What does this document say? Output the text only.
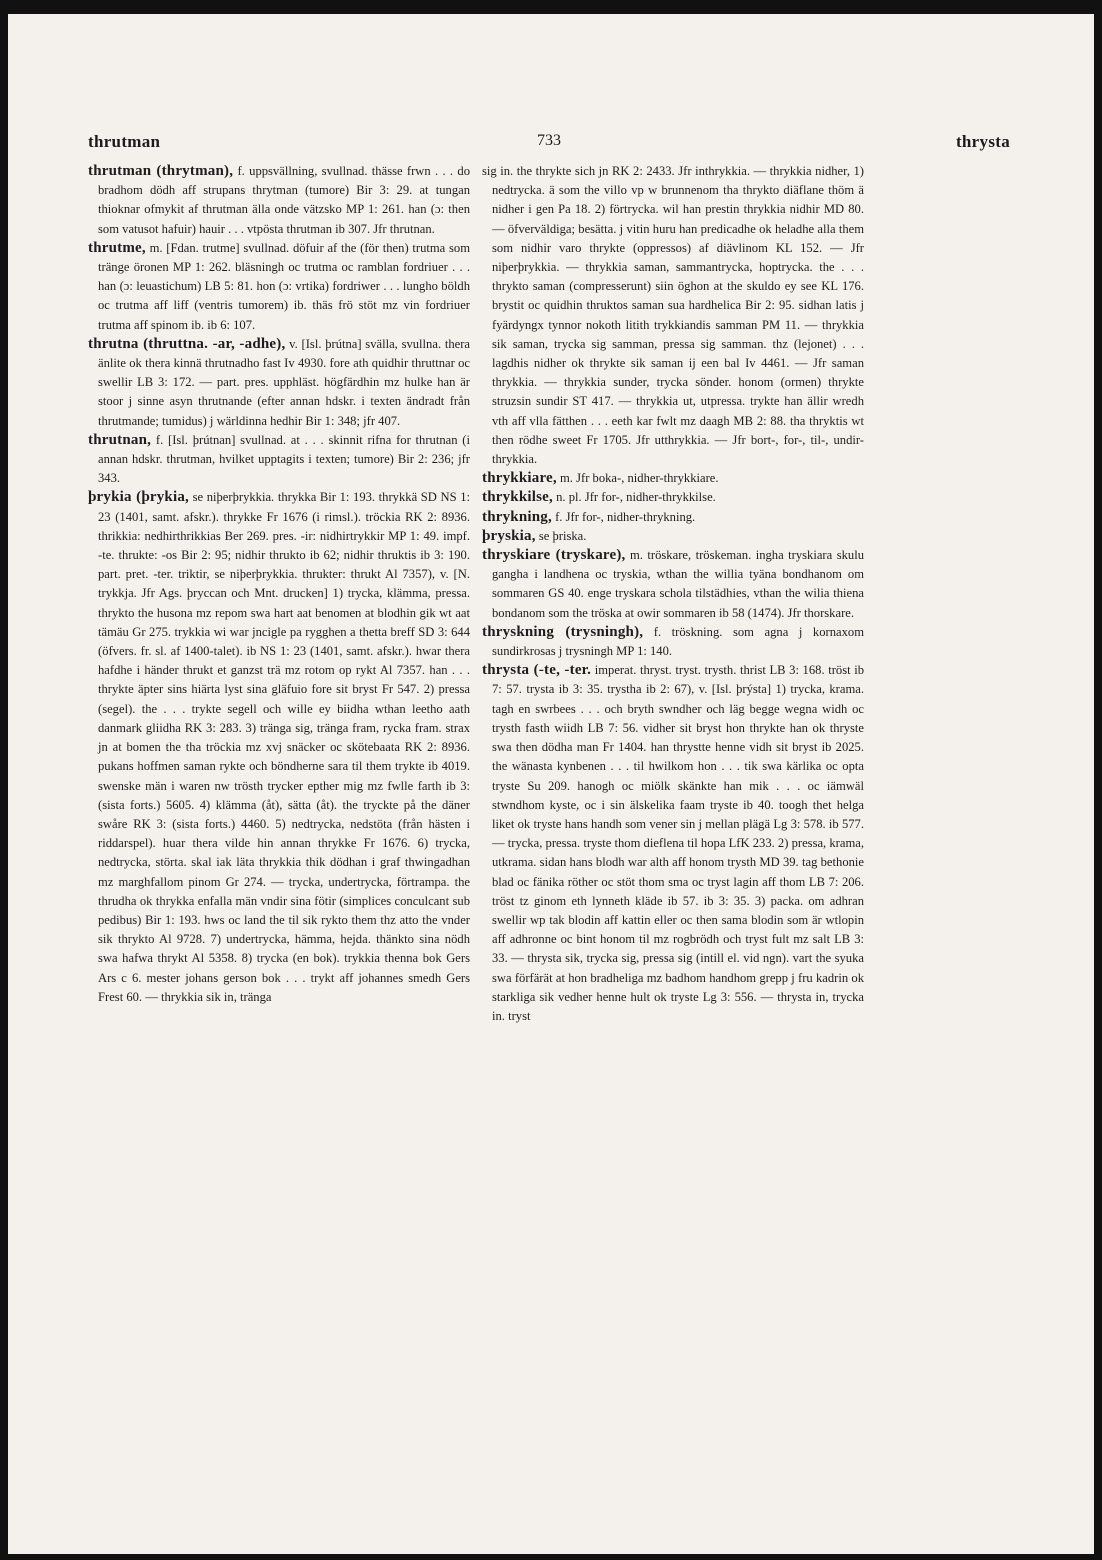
thrutman	733	thrysta

thrutman (thrytman), f. uppsvällning, svullnad. thässe frwn . . . do bradhom dödh aff strupans thrytman (tumore) Bir 3: 29. at tungan thioknar ofmykit af thrutman älla onde vätzsko MP 1: 261. han (ɔ: then som vatusot hafuir) hauir . . . vtpösta thrutman ib 307. Jfr thrutnan.

thrutme, m. [Fdan. trutme] svullnad. döfuir af the (för then) trutma som tränge öronen MP 1: 262. bläsningh oc trutma oc ramblan fordriuer . . . han (ɔ: leuastichum) LB 5: 81. hon (ɔ: vrtika) fordriwer . . . lungho böldh oc trutma aff liff (ventris tumorem) ib. thäs frö stöt mz vin fordriuer trutma aff spinom ib. ib 6: 107.

thrutna (thruttna. -ar, -adhe), v. [Isl. þrútna] svälla, svullna. thera änlite ok thera kinnä thrutnadho fast Iv 4930. fore ath quidhir thruttnar oc swellir LB 3: 172. — part. pres. upphläst. högfärdhin mz hulke han är stoor j sinne asyn thrutnande (efter annan hdskr. i texten ändradt från thrutmande; tumidus) j wärldinna hedhir Bir 1: 348; jfr 407.

thrutnan, f. [Isl. þrútnan] svullnad. at . . . skinnit rifna for thrutnan (i annan hdskr. thrutman, hvilket upptagits i texten; tumore) Bir 2: 236; jfr 343.

þrykia (þrykia, se niþerþrykkia. thrykka Bir 1: 193. thrykkä SD NS 1: 23 (1401, samt. afskr.). thrykke Fr 1676 (i rimsl.). tröckia RK 2: 8936. thrikkia: nedhirthrikkias Ber 269. pres. -ir: nidhirtrykkir MP 1: 49. impf. -te. thrukte: -os Bir 2: 95; nidhir thrukto ib 62; nidhir thruktis ib 3: 190. part. pret. -ter. triktir, se niþerþrykkia. thrukter: thrukt Al 7357), v. [N. trykkja. Jfr Ags. þryccan och Mnt. drucken] 1) trycka, klämma, pressa. thrykto the husona mz repom swa hart aat benomen at blodhin gik wt aat tämäu Gr 275. trykkia wi war jncigle pa rygghen a thetta breff SD 3: 644 (öfvers. fr. sl. af 1400-talet). ib NS 1: 23 (1401, samt. afskr.). hwar thera hafdhe i händer thrukt et ganzst trä mz rotom op rykt Al 7357. han . . . thrykte äpter sins hiärta lyst sina gläfuio fore sit bryst Fr 547. 2) pressa (segel). the . . . trykte segell och wille ey biidha wthan leetho aath danmark gliidha RK 3: 283. 3) tränga sig, tränga fram, rycka fram. strax jn at bomen the tha tröckia mz xvj snäcker oc skötebaata RK 2: 8936. pukans hoffmen saman rykte och böndherne sara til them trykte ib 4019. swenske män i waren nw trösth trycker epther mig mz fwlle farth ib 3: (sista forts.) 5605. 4) klämma (åt), sätta (åt). the tryckte på the däner swåre RK 3: (sista forts.) 4460. 5) nedtrycka, nedstöta (från hästen i riddarspel). huar thera vilde hin annan thrykke Fr 1676. 6) trycka, nedtrycka, störta. skal iak läta thrykkia thik dödhan i graf thwingadhan mz marghfallom pinom Gr 274. — trycka, undertrycka, förtrampa. the thrudha ok thrykka enfalla män vndir sina fötir (simplices conculcant sub pedibus) Bir 1: 193. hws oc land the til sik rykto them thz atto the vnder sik thrykto Al 9728. 7) undertrycka, hämma, hejda. thänkto sina nödh swa hafwa thrykt Al 5358. 8) trycka (en bok). trykkia thenna bok Gers Ars c 6. mester johans gerson bok . . . trykt aff johannes smedh Gers Frest 60. — thrykkia sik in, tränga

sig in. the thrykte sich jn RK 2: 2433. Jfr inthrykkia. — thrykkia nidher, 1) nedtrycka. ä som the villo vp w brunnenom tha thrykto diäflane thöm ä nidher i gen Pa 18. 2) förtrycka. wil han prestin thrykkia nidhir MD 80. — öfverväldiga; besätta. j vitin huru han predicadhe ok heladhe alla them som nidhir varo thrykte (oppressos) af diävlinom KL 152. — Jfr niþerþrykkia. — thrykkia saman, sammantrycka, hoptrycka. the . . . thrykto saman (compresserunt) siin öghon at the skuldo ey see KL 176. brystit oc quidhin thruktos saman sua hardhelica Bir 2: 95. sidhan latis j fyärdyngx tynnor nokoth litith trykkiandis samman PM 11. — thrykkia sik saman, trycka sig samman, pressa sig samman. thz (lejonet) . . . lagdhis nidher ok thrykte sik saman ij een bal Iv 4461. — Jfr saman thrykkia. — thrykkia sunder, trycka sönder. honom (ormen) thrykte struzsin sundir ST 417. — thrykkia ut, utpressa. trykte han ällir wredh vth aff vlla fätthen . . . eeth kar fwlt mz daagh MB 2: 88. tha thryktis wt then rödhe sweet Fr 1705. Jfr utthrykkia. — Jfr bort-, for-, til-, undir-thrykkia.

thrykkiare, m. Jfr boka-, nidher-thrykkiare.

thrykkilse, n. pl. Jfr for-, nidher-thrykkilse.

thrykning, f. Jfr for-, nidher-thrykning.

þryskia, se þriska.

thryskiare (tryskare), m. tröskare, tröskeman. ingha tryskiara skulu gangha i landhena oc tryskia, wthan the willia tyäna bondhanom om sommaren GS 40. enge tryskara schola tilstädhies, vthan the wilia thiena bondanom som the tröska at owir sommaren ib 58 (1474). Jfr thorskare.

thryskning (trysningh), f. tröskning. som agna j kornaxom sundirkrosas j trysningh MP 1: 140.

thrysta (-te, -ter. imperat. thryst. tryst. trysth. thrist LB 3: 168. tröst ib 7: 57. trysta ib 3: 35. trystha ib 2: 67), v. [Isl. þrýsta] 1) trycka, krama. tagh en swrbees . . . och bryth swndher och läg begge wegna widh oc trysth fasth wiidh LB 7: 56. vidher sit bryst hon thrykte han ok thryste swa then dödha man Fr 1404. han thrystte henne vidh sit bryst ib 2025. the wänasta kynbenen . . . til hwilkom hon . . . tik swa kärlika oc opta tryste Su 209. hanogh oc miölk skänkte han mik . . . oc iämwäl stwndhom kyste, oc i sin älskelika faam tryste ib 40. toogh thet helga liket ok tryste hans handh som vener sin j mellan plägä Lg 3: 578. ib 577. — trycka, pressa. tryste thom dieflena til hopa LfK 233. 2) pressa, krama, utkrama. sidan hans blodh war alth aff honom trysth MD 39. tag bethonie blad oc fänika röther oc stöt thom sma oc tryst lagin aff thom LB 7: 206. tröst tz ginom eth lynneth kläde ib 57. ib 3: 35. 3) packa. om adhran swellir wp tak blodin aff kattin eller oc then sama blodin som är wtlopin aff adhronne oc bint honom til mz rogbrödh och tryst fult mz salt LB 3: 33. — thrysta sik, trycka sig, pressa sig (intill el. vid ngn). vart the syuka swa förfärät at hon bradheliga mz badhom handhom grepp j fru kadrin ok starkliga sik vedher henne hult ok tryste Lg 3: 556. — thrysta in, trycka in. tryst
